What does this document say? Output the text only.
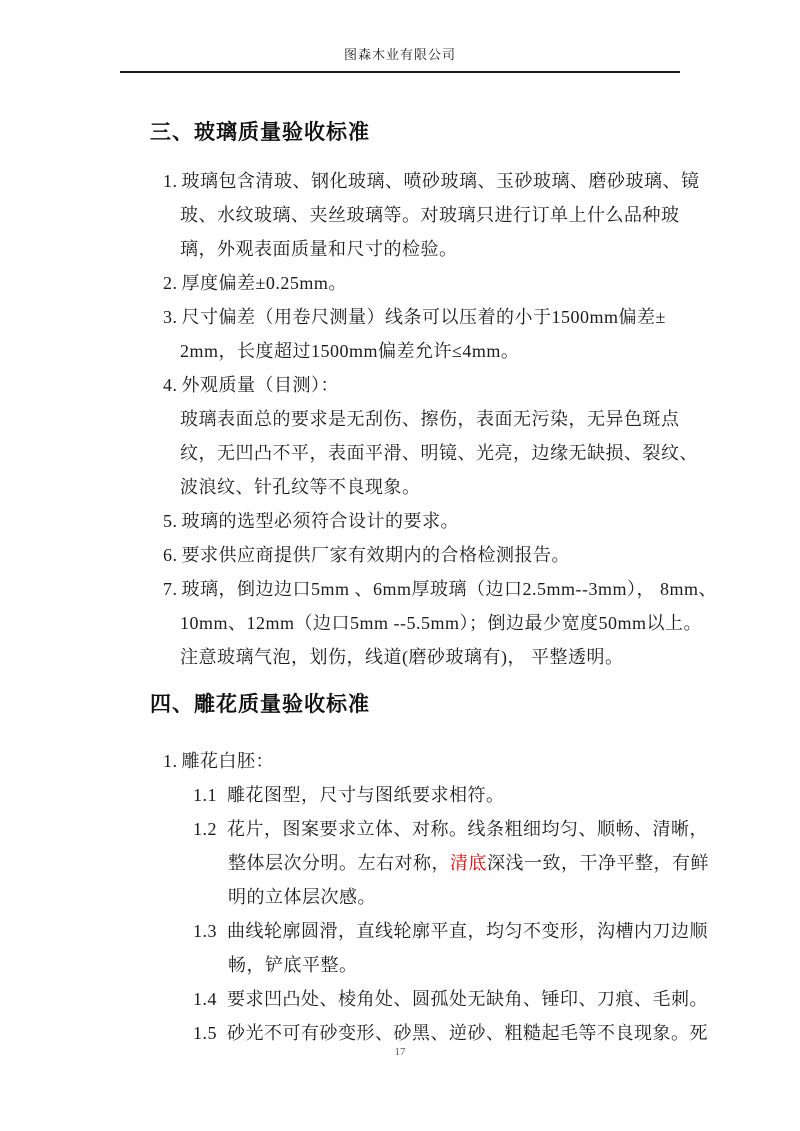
图森木业有限公司
三、玻璃质量验收标准
1. 玻璃包含清玻、钢化玻璃、喷砂玻璃、玉砂玻璃、磨砂玻璃、镜
玻、水纹玻璃、夹丝玻璃等。对玻璃只进行订单上什么品种玻
璃，外观表面质量和尺寸的检验。
2. 厚度偏差±0.25mm。
3. 尺寸偏差（用卷尺测量）线条可以压着的小于1500mm偏差±
2mm，长度超过1500mm偏差允许≤4mm。
4. 外观质量（目测）：
玻璃表面总的要求是无刮伤、擦伤，表面无污染，无异色斑点
纹，无凹凸不平，表面平滑、明镜、光亮，边缘无缺损、裂纹、
波浪纹、针孔纹等不良现象。
5. 玻璃的选型必须符合设计的要求。
6. 要求供应商提供厂家有效期内的合格检测报告。
7. 玻璃，倒边边口5mm 、6mm厚玻璃（边口2.5mm--3mm）， 8mm、
10mm、12mm（边口5mm --5.5mm）；倒边最少宽度50mm以上。
注意玻璃气泡，划伤，线道(磨砂玻璃有)， 平整透明。
四、雕花质量验收标准
1. 雕花白胚：
1.1 雕花图型，尺寸与图纸要求相符。
1.2 花片，图案要求立体、对称。线条粗细均匀、顺畅、清晰，
整体层次分明。左右对称，清底深浅一致，干净平整，有鲜
明的立体层次感。
1.3 曲线轮廓圆滑，直线轮廓平直，均匀不变形，沟槽内刀边顺
畅，铲底平整。
1.4 要求凹凸处、棱角处、圆孤处无缺角、锤印、刀痕、毛刺。
1.5 砂光不可有砂变形、砂黑、逆砂、粗糙起毛等不良现象。死
17
